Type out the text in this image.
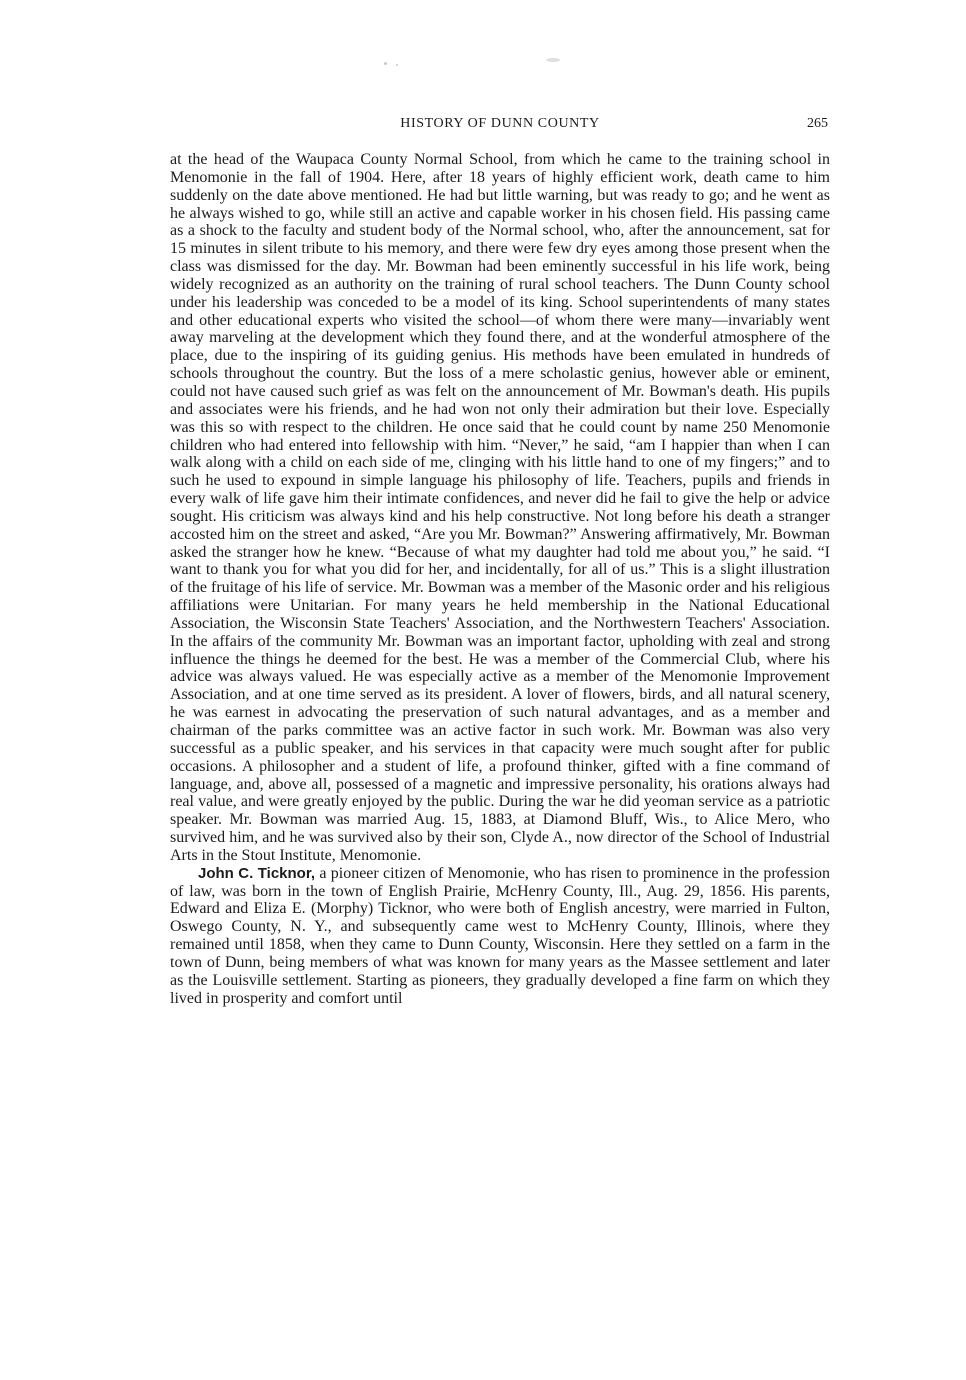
HISTORY OF DUNN COUNTY	265

at the head of the Waupaca County Normal School, from which he came to the training school in Menomonie in the fall of 1904. Here, after 18 years of highly efficient work, death came to him suddenly on the date above mentioned. He had but little warning, but was ready to go; and he went as he always wished to go, while still an active and capable worker in his chosen field. His passing came as a shock to the faculty and student body of the Normal school, who, after the announcement, sat for 15 minutes in silent tribute to his memory, and there were few dry eyes among those present when the class was dismissed for the day. Mr. Bowman had been eminently successful in his life work, being widely recognized as an authority on the training of rural school teachers. The Dunn County school under his leadership was conceded to be a model of its king. School superintendents of many states and other educational experts who visited the school—of whom there were many—invariably went away marveling at the development which they found there, and at the wonderful atmosphere of the place, due to the inspiring of its guiding genius. His methods have been emulated in hundreds of schools throughout the country. But the loss of a mere scholastic genius, however able or eminent, could not have caused such grief as was felt on the announcement of Mr. Bowman's death. His pupils and associates were his friends, and he had won not only their admiration but their love. Especially was this so with respect to the children. He once said that he could count by name 250 Menomonie children who had entered into fellowship with him. “Never,” he said, “am I happier than when I can walk along with a child on each side of me, clinging with his little hand to one of my fingers;” and to such he used to expound in simple language his philosophy of life. Teachers, pupils and friends in every walk of life gave him their intimate confidences, and never did he fail to give the help or advice sought. His criticism was always kind and his help constructive. Not long before his death a stranger accosted him on the street and asked, “Are you Mr. Bowman?” Answering affirmatively, Mr. Bowman asked the stranger how he knew. “Because of what my daughter had told me about you,” he said. “I want to thank you for what you did for her, and incidentally, for all of us.” This is a slight illustration of the fruitage of his life of service. Mr. Bowman was a member of the Masonic order and his religious affiliations were Unitarian. For many years he held membership in the National Educational Association, the Wisconsin State Teachers' Association, and the Northwestern Teachers' Association. In the affairs of the community Mr. Bowman was an important factor, upholding with zeal and strong influence the things he deemed for the best. He was a member of the Commercial Club, where his advice was always valued. He was especially active as a member of the Menomonie Improvement Association, and at one time served as its president. A lover of flowers, birds, and all natural scenery, he was earnest in advocating the preservation of such natural advantages, and as a member and chairman of the parks committee was an active factor in such work. Mr. Bowman was also very successful as a public speaker, and his services in that capacity were much sought after for public occasions. A philosopher and a student of life, a profound thinker, gifted with a fine command of language, and, above all, possessed of a magnetic and impressive personality, his orations always had real value, and were greatly enjoyed by the public. During the war he did yeoman service as a patriotic speaker. Mr. Bowman was married Aug. 15, 1883, at Diamond Bluff, Wis., to Alice Mero, who survived him, and he was survived also by their son, Clyde A., now director of the School of Industrial Arts in the Stout Institute, Menomonie.

John C. Ticknor, a pioneer citizen of Menomonie, who has risen to prominence in the profession of law, was born in the town of English Prairie, McHenry County, Ill., Aug. 29, 1856. His parents, Edward and Eliza E. (Morphy) Ticknor, who were both of English ancestry, were married in Fulton, Oswego County, N. Y., and subsequently came west to McHenry County, Illinois, where they remained until 1858, when they came to Dunn County, Wisconsin. Here they settled on a farm in the town of Dunn, being members of what was known for many years as the Massee settlement and later as the Louisville settlement. Starting as pioneers, they gradually developed a fine farm on which they lived in prosperity and comfort until
